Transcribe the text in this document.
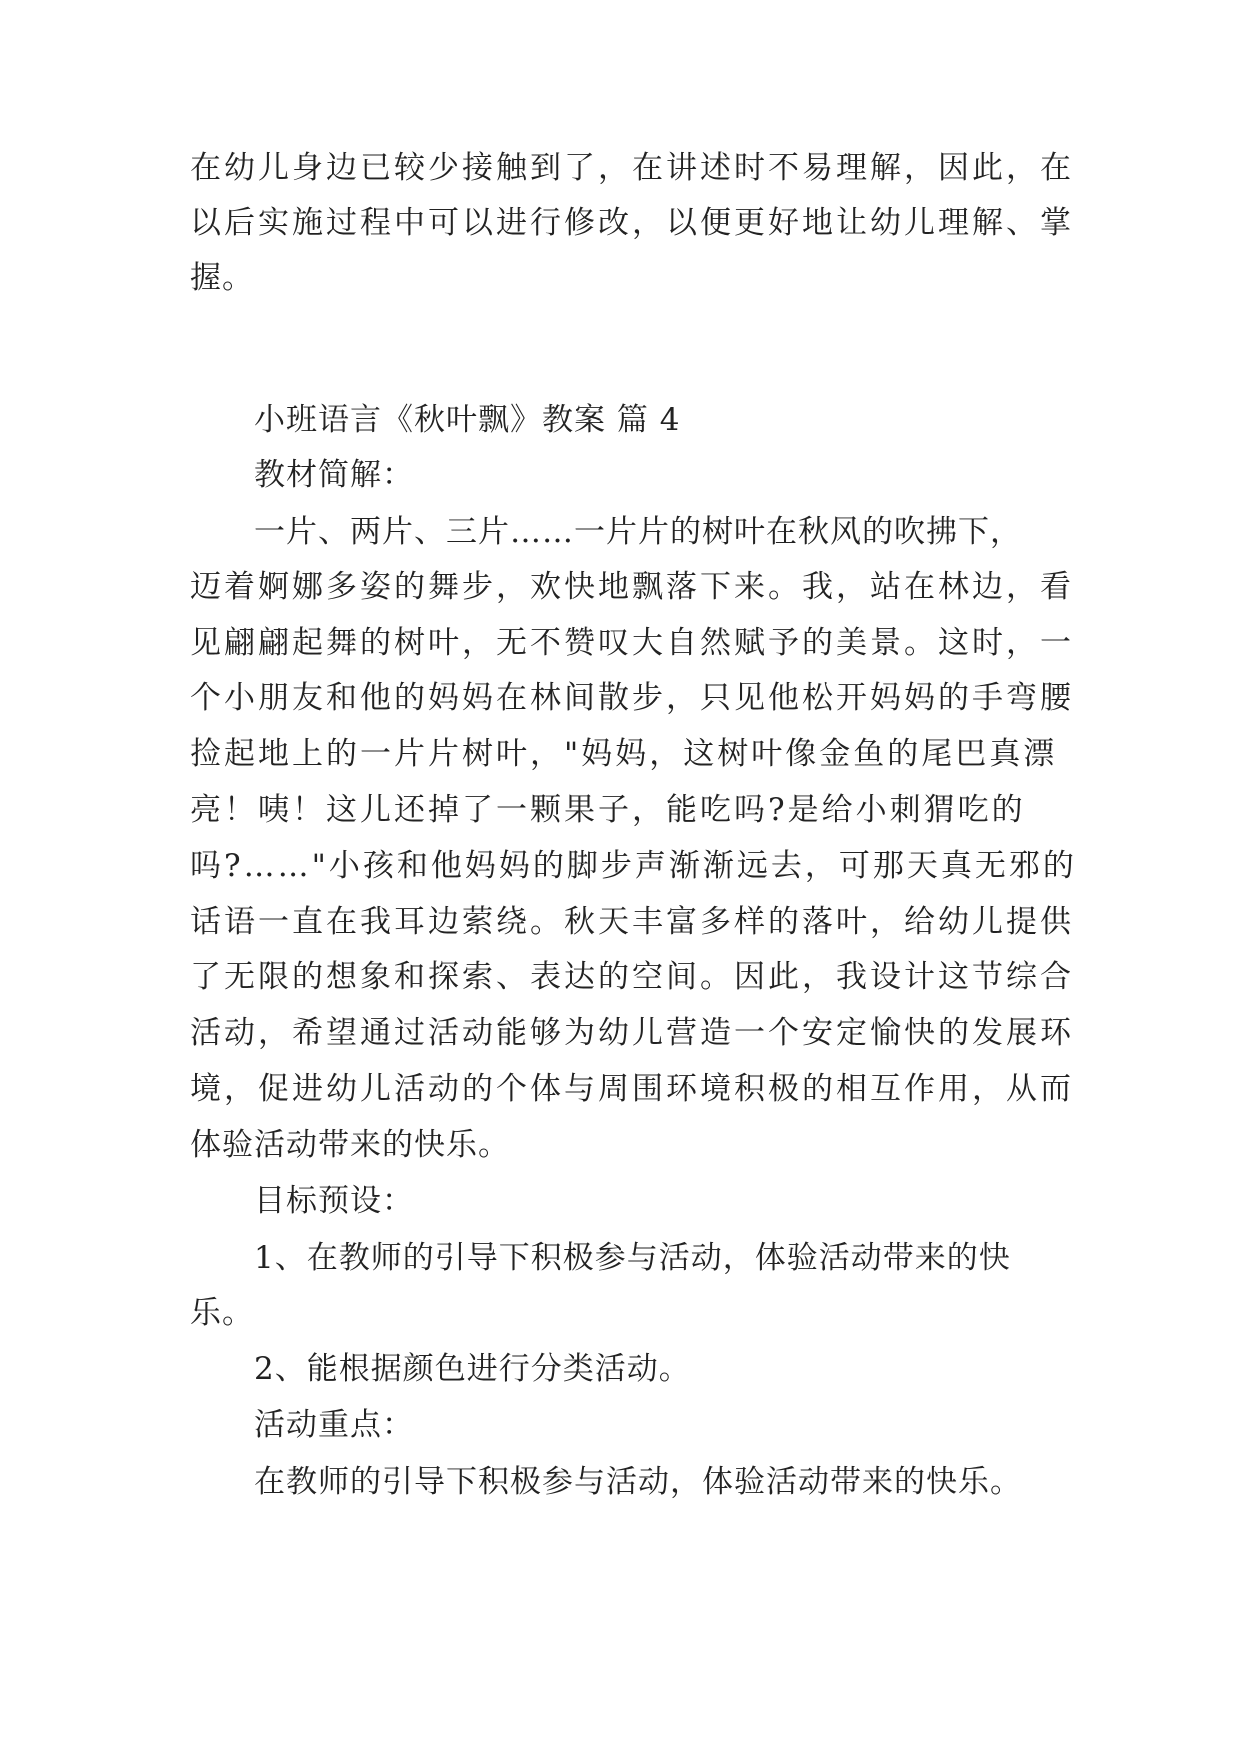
在幼儿身边已较少接触到了，在讲述时不易理解，因此，在
以后实施过程中可以进行修改，以便更好地让幼儿理解、掌
握。
小班语言《秋叶飘》教案 篇 4
教材简解：
一片、两片、三片……一片片的树叶在秋风的吹拂下，
迈着婀娜多姿的舞步，欢快地飘落下来。我，站在林边，看
见翩翩起舞的树叶，无不赞叹大自然赋予的美景。这时，一
个小朋友和他的妈妈在林间散步，只见他松开妈妈的手弯腰
捡起地上的一片片树叶，"妈妈，这树叶像金鱼的尾巴真漂
亮！咦！这儿还掉了一颗果子，能吃吗?是给小刺猬吃的
吗?……"小孩和他妈妈的脚步声渐渐远去，可那天真无邪的
话语一直在我耳边萦绕。秋天丰富多样的落叶，给幼儿提供
了无限的想象和探索、表达的空间。因此，我设计这节综合
活动，希望通过活动能够为幼儿营造一个安定愉快的发展环
境，促进幼儿活动的个体与周围环境积极的相互作用，从而
体验活动带来的快乐。
目标预设：
1、在教师的引导下积极参与活动，体验活动带来的快
乐。
2、能根据颜色进行分类活动。
活动重点：
在教师的引导下积极参与活动，体验活动带来的快乐。
